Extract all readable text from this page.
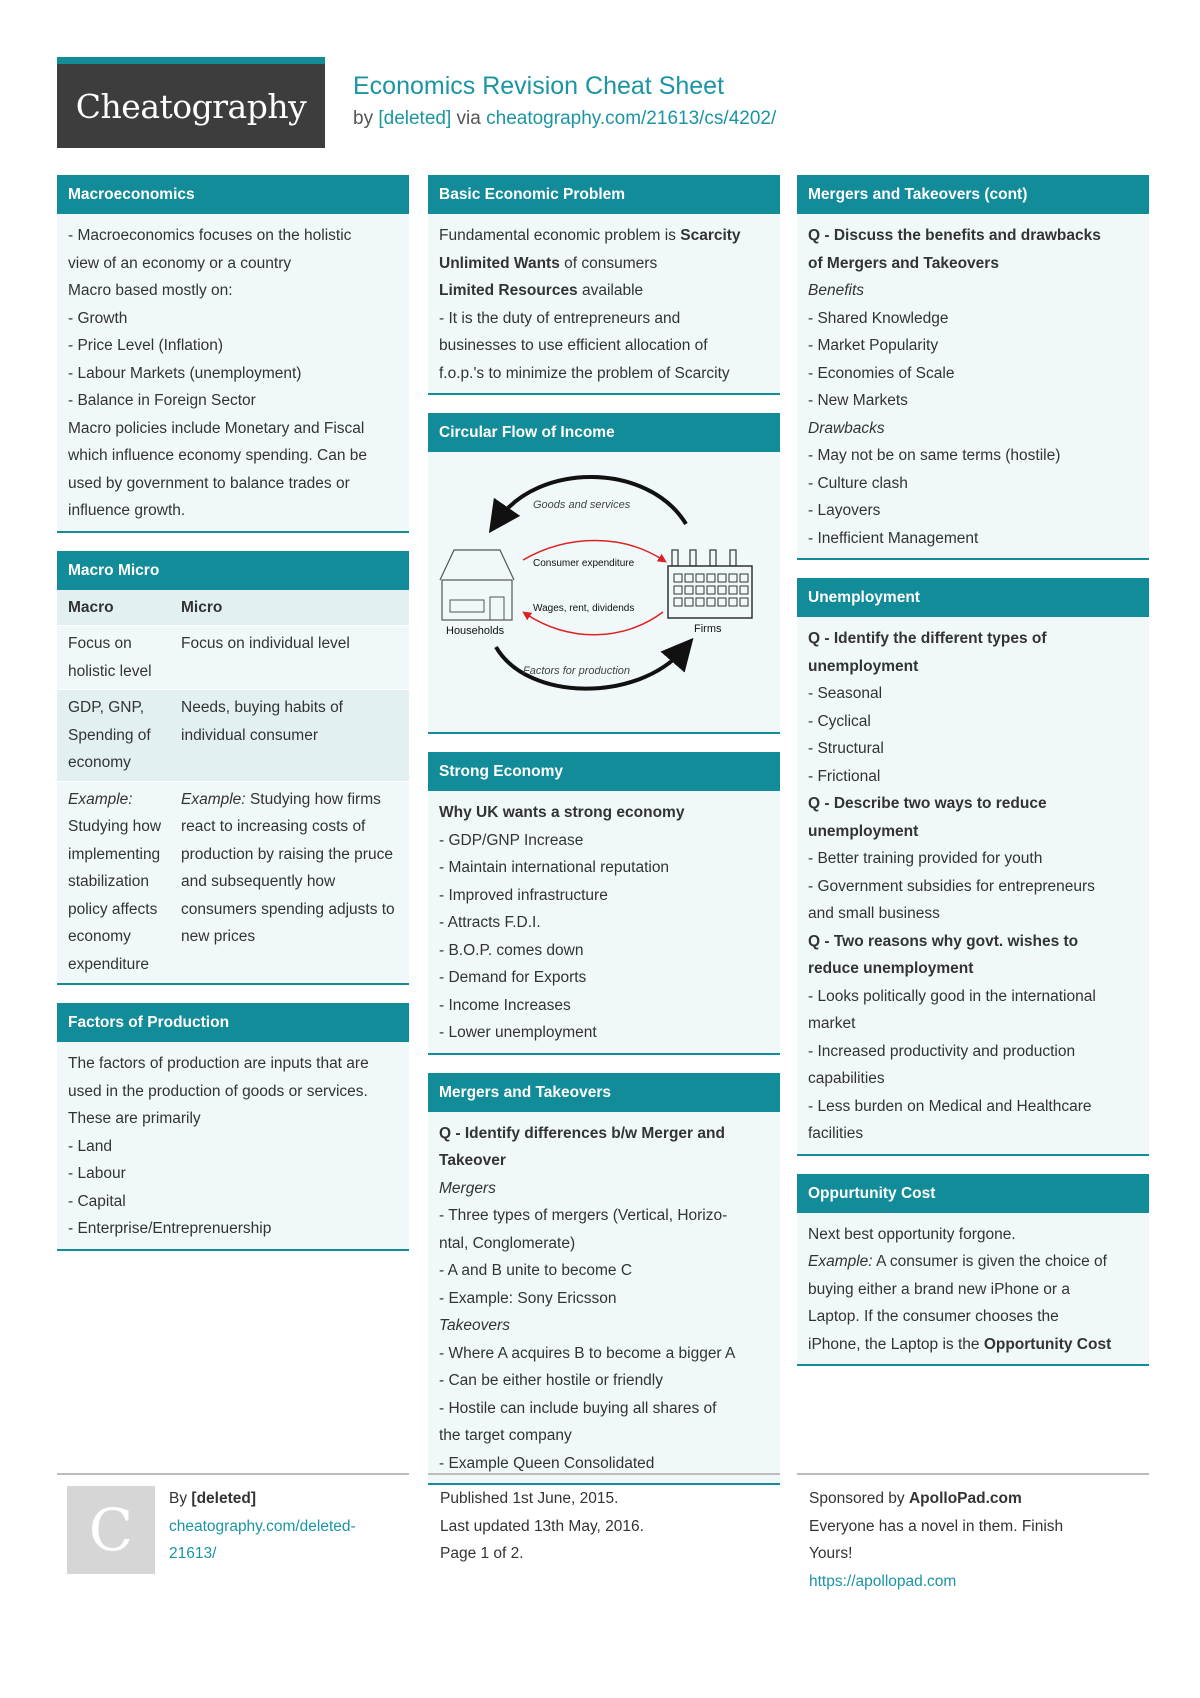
Cheatography
Economics Revision Cheat Sheet
by [deleted] via cheatography.com/21613/cs/4202/
Macroeconomics
- Macroeconomics focuses on the holistic
view of an economy or a country
Macro based mostly on:
- Growth
- Price Level (Inflation)
- Labour Markets (unemployment)
- Balance in Foreign Sector
Macro policies include Monetary and Fiscal
which influence economy spending. Can be
used by government to balance trades or
influence growth.
Macro Micro
Macro	Micro
Focus on holistic level
Focus on individual level
GDP, GNP, Spending of economy
Needs, buying habits of individual consumer
Example: Studying how implementing stabilization policy affects economy expenditure
Example: Studying how firms react to increasing costs of production by raising the pruce and subsequently how consumers spending adjusts to new prices
Factors of Production
The factors of production are inputs that are
used in the production of goods or services.
These are primarily
- Land
- Labour
- Capital
- Enterprise/Entreprenuership
Basic Economic Problem
Fundamental economic problem is Scarcity
Unlimited Wants of consumers
Limited Resources available
- It is the duty of entrepreneurs and
businesses to use efficient allocation of
f.o.p.'s to minimize the problem of Scarcity
Circular Flow of Income
Goods and services
Consumer expenditure
Wages, rent, dividends
Factors for production
Households	Firms
Strong Economy
Why UK wants a strong economy
- GDP/GNP Increase
- Maintain international reputation
- Improved infrastructure
- Attracts F.D.I.
- B.O.P. comes down
- Demand for Exports
- Income Increases
- Lower unemployment
Mergers and Takeovers
Q - Identify differences b/w Merger and
Takeover
Mergers
- Three types of mergers (Vertical, Horizo-
ntal, Conglomerate)
- A and B unite to become C
- Example: Sony Ericsson
Takeovers
- Where A acquires B to become a bigger A
- Can be either hostile or friendly
- Hostile can include buying all shares of
the target company
- Example Queen Consolidated
Mergers and Takeovers (cont)
Q - Discuss the benefits and drawbacks
of Mergers and Takeovers
Benefits
- Shared Knowledge
- Market Popularity
- Economies of Scale
- New Markets
Drawbacks
- May not be on same terms (hostile)
- Culture clash
- Layovers
- Inefficient Management
Unemployment
Q - Identify the different types of
unemployment
- Seasonal
- Cyclical
- Structural
- Frictional
Q - Describe two ways to reduce
unemployment
- Better training provided for youth
- Government subsidies for entrepreneurs
and small business
Q - Two reasons why govt. wishes to
reduce unemployment
- Looks politically good in the international
market
- Increased productivity and production
capabilities
- Less burden on Medical and Healthcare
facilities
Oppurtunity Cost
Next best opportunity forgone.
Example: A consumer is given the choice of
buying either a brand new iPhone or a
Laptop. If the consumer chooses the
iPhone, the Laptop is the Opportunity Cost
C By [deleted]
cheatography.com/deleted-
21613/
Published 1st June, 2015.
Last updated 13th May, 2016.
Page 1 of 2.
Sponsored by ApolloPad.com
Everyone has a novel in them. Finish
Yours!
https://apollopad.com
